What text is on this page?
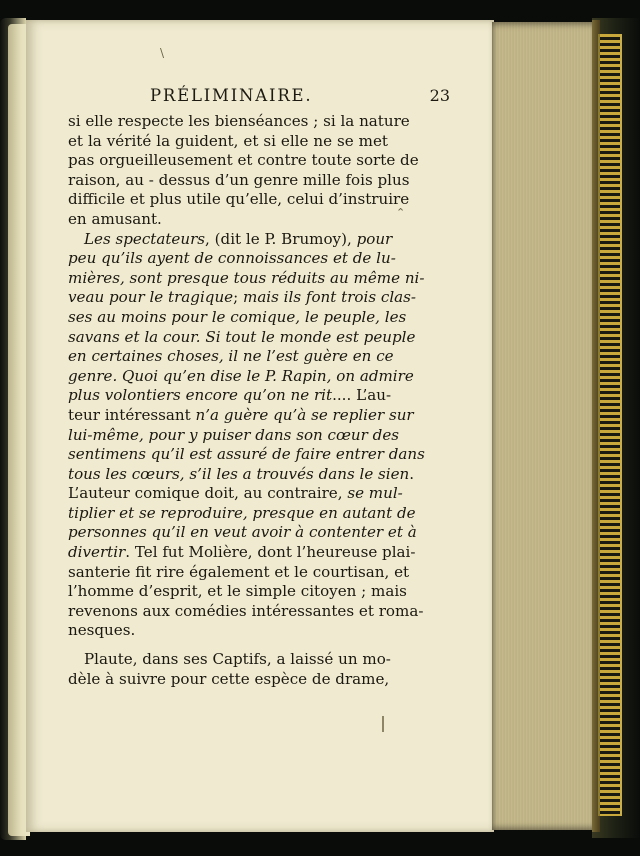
\
⌃
PRÉLIMINAIRE.	23
si elle respecte les bienséances ; si la nature
et la vérité la guident, et si elle ne se met
pas orgueilleusement et contre toute sorte de
raison, au - dessus d’un genre mille fois plus
difficile et plus utile qu’elle, celui d’instruire
en amusant.
Les spectateurs, (dit le P. Brumoy), pour
peu qu’ils ayent de connoissances et de lu-
mières, sont presque tous réduits au même ni-
veau pour le tragique; mais ils font trois clas-
ses au moins pour le comique, le peuple, les
savans et la cour. Si tout le monde est peuple
en certaines choses, il ne l’est guère en ce
genre. Quoi qu’en dise le P. Rapin, on admire
plus volontiers encore qu’on ne rit.... L’au-
teur intéressant n’a guère qu’à se replier sur
lui-même, pour y puiser dans son cœur des
sentimens qu’il est assuré de faire entrer dans
tous les cœurs, s’il les a trouvés dans le sien.
L’auteur comique doit, au contraire, se mul-
tiplier et se reproduire, presque en autant de
personnes qu’il en veut avoir à contenter et à
divertir. Tel fut Molière, dont l’heureuse plai-
santerie fit rire également et le courtisan, et
l’homme d’esprit, et le simple citoyen ; mais
revenons aux comédies intéressantes et roma-
nesques.
Plaute, dans ses Captifs, a laissé un mo-
dèle à suivre pour cette espèce de drame,
